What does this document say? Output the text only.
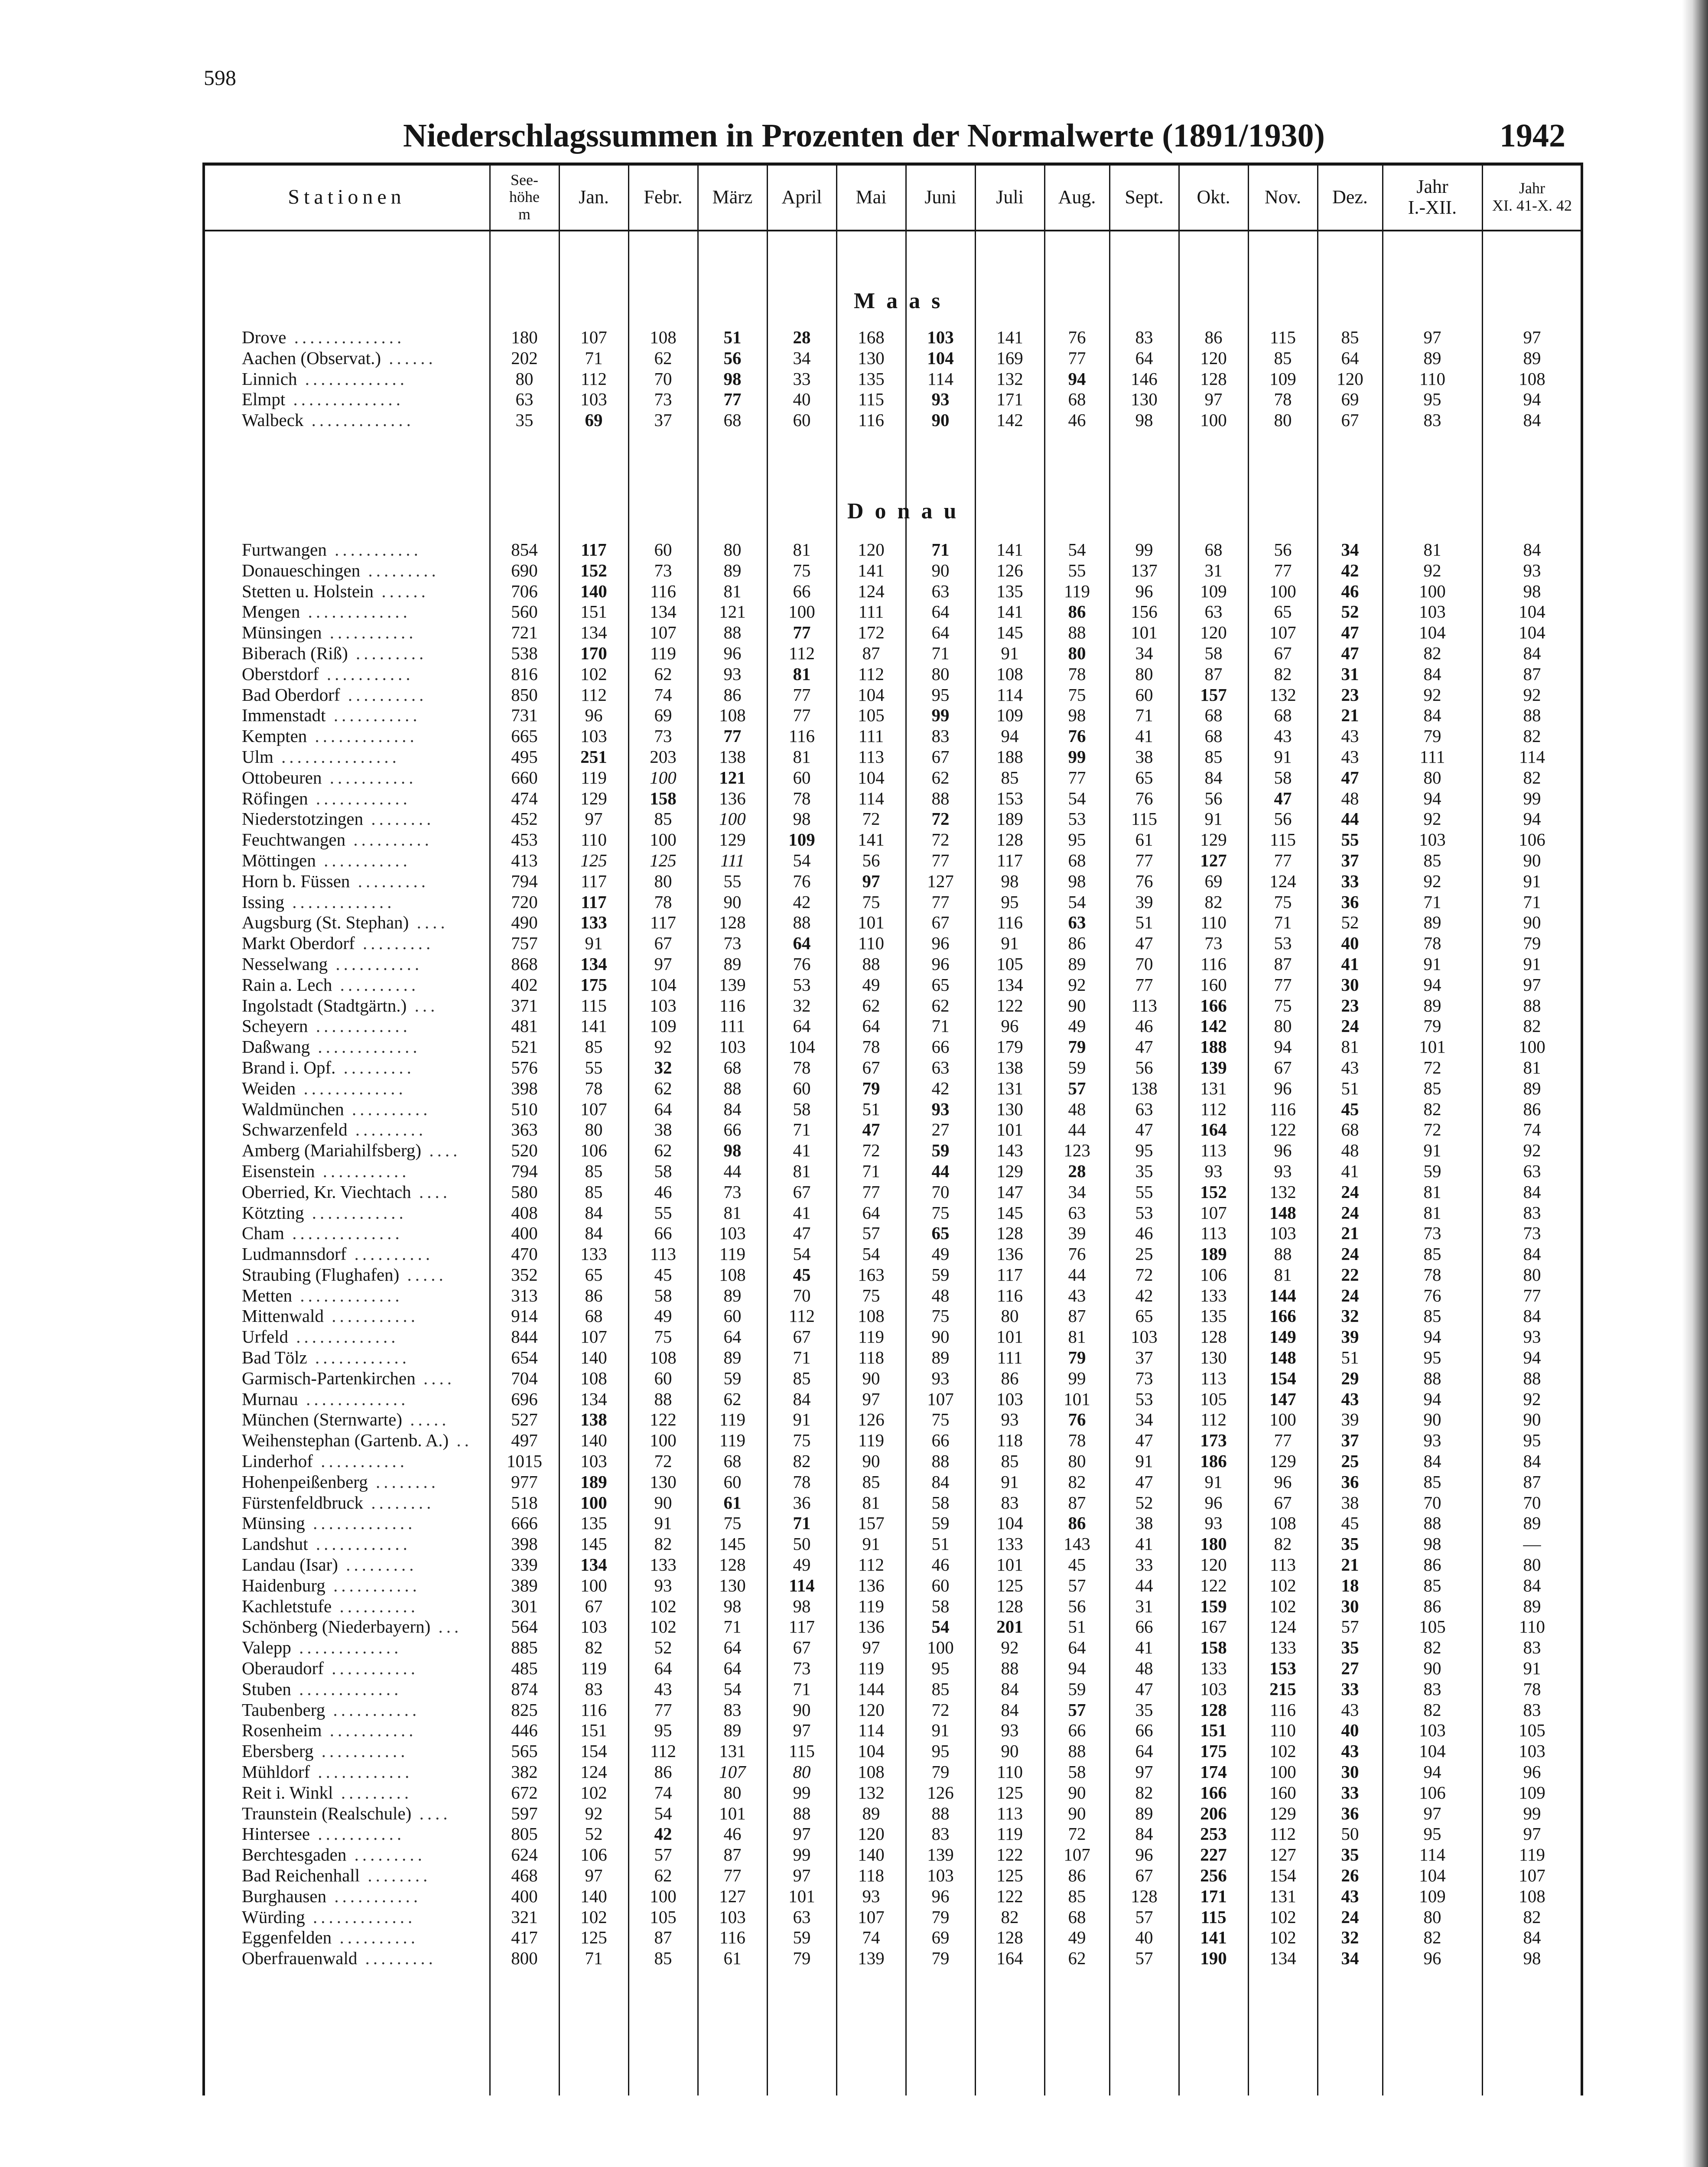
598
Niederschlagssummen in Prozenten der Normalwerte (1891/1930)	1942
Stationen
See-
höhe
m
Jan.	Febr.	März	April	Mai	Juni	Juli	Aug.	Sept.	Okt.	Nov.	Dez.	Jahr
I.-XII.
Jahr
XI. 41-X. 42
Maas
Drove ..............	180	107	108	51	28	168	103	141	76	83	86	115	85	97	97
Aachen (Observat.) ......	202	71	62	56	34	130	104	169	77	64	120	85	64	89	89
Linnich .............	80	112	70	98	33	135	114	132	94	146	128	109	120	110	108
Elmpt ..............	63	103	73	77	40	115	93	171	68	130	97	78	69	95	94
Walbeck .............	35	69	37	68	60	116	90	142	46	98	100	80	67	83	84
Donau
Furtwangen ...........	854	117	60	80	81	120	71	141	54	99	68	56	34	81	84
Donaueschingen .........	690	152	73	89	75	141	90	126	55	137	31	77	42	92	93
Stetten u. Holstein ......	706	140	116	81	66	124	63	135	119	96	109	100	46	100	98
Mengen .............	560	151	134	121	100	111	64	141	86	156	63	65	52	103	104
Münsingen ...........	721	134	107	88	77	172	64	145	88	101	120	107	47	104	104
Biberach (Riß) .........	538	170	119	96	112	87	71	91	80	34	58	67	47	82	84
Oberstdorf ...........	816	102	62	93	81	112	80	108	78	80	87	82	31	84	87
Bad Oberdorf ..........	850	112	74	86	77	104	95	114	75	60	157	132	23	92	92
Immenstadt ...........	731	96	69	108	77	105	99	109	98	71	68	68	21	84	88
Kempten .............	665	103	73	77	116	111	83	94	76	41	68	43	43	79	82
Ulm ...............	495	251	203	138	81	113	67	188	99	38	85	91	43	111	114
Ottobeuren ...........	660	119	100	121	60	104	62	85	77	65	84	58	47	80	82
Röfingen ............	474	129	158	136	78	114	88	153	54	76	56	47	48	94	99
Niederstotzingen ........	452	97	85	100	98	72	72	189	53	115	91	56	44	92	94
Feuchtwangen ..........	453	110	100	129	109	141	72	128	95	61	129	115	55	103	106
Möttingen ...........	413	125	125	111	54	56	77	117	68	77	127	77	37	85	90
Horn b. Füssen .........	794	117	80	55	76	97	127	98	98	76	69	124	33	92	91
Issing .............	720	117	78	90	42	75	77	95	54	39	82	75	36	71	71
Augsburg (St. Stephan) ....	490	133	117	128	88	101	67	116	63	51	110	71	52	89	90
Markt Oberdorf .........	757	91	67	73	64	110	96	91	86	47	73	53	40	78	79
Nesselwang ...........	868	134	97	89	76	88	96	105	89	70	116	87	41	91	91
Rain a. Lech ..........	402	175	104	139	53	49	65	134	92	77	160	77	30	94	97
Ingolstadt (Stadtgärtn.) ...	371	115	103	116	32	62	62	122	90	113	166	75	23	89	88
Scheyern ............	481	141	109	111	64	64	71	96	49	46	142	80	24	79	82
Daßwang .............	521	85	92	103	104	78	66	179	79	47	188	94	81	101	100
Brand i. Opf. .........	576	55	32	68	78	67	63	138	59	56	139	67	43	72	81
Weiden .............	398	78	62	88	60	79	42	131	57	138	131	96	51	85	89
Waldmünchen ..........	510	107	64	84	58	51	93	130	48	63	112	116	45	82	86
Schwarzenfeld .........	363	80	38	66	71	47	27	101	44	47	164	122	68	72	74
Amberg (Mariahilfsberg) ....	520	106	62	98	41	72	59	143	123	95	113	96	48	91	92
Eisenstein ...........	794	85	58	44	81	71	44	129	28	35	93	93	41	59	63
Oberried, Kr. Viechtach ....	580	85	46	73	67	77	70	147	34	55	152	132	24	81	84
Kötzting ............	408	84	55	81	41	64	75	145	63	53	107	148	24	81	83
Cham ..............	400	84	66	103	47	57	65	128	39	46	113	103	21	73	73
Ludmannsdorf ..........	470	133	113	119	54	54	49	136	76	25	189	88	24	85	84
Straubing (Flughafen) .....	352	65	45	108	45	163	59	117	44	72	106	81	22	78	80
Metten .............	313	86	58	89	70	75	48	116	43	42	133	144	24	76	77
Mittenwald ...........	914	68	49	60	112	108	75	80	87	65	135	166	32	85	84
Urfeld .............	844	107	75	64	67	119	90	101	81	103	128	149	39	94	93
Bad Tölz ............	654	140	108	89	71	118	89	111	79	37	130	148	51	95	94
Garmisch-Partenkirchen ....	704	108	60	59	85	90	93	86	99	73	113	154	29	88	88
Murnau .............	696	134	88	62	84	97	107	103	101	53	105	147	43	94	92
München (Sternwarte) .....	527	138	122	119	91	126	75	93	76	34	112	100	39	90	90
Weihenstephan (Gartenb. A.) ..	497	140	100	119	75	119	66	118	78	47	173	77	37	93	95
Linderhof ...........	1015	103	72	68	82	90	88	85	80	91	186	129	25	84	84
Hohenpeißenberg ........	977	189	130	60	78	85	84	91	82	47	91	96	36	85	87
Fürstenfeldbruck ........	518	100	90	61	36	81	58	83	87	52	96	67	38	70	70
Münsing .............	666	135	91	75	71	157	59	104	86	38	93	108	45	88	89
Landshut ............	398	145	82	145	50	91	51	133	143	41	180	82	35	98	—
Landau (Isar) .........	339	134	133	128	49	112	46	101	45	33	120	113	21	86	80
Haidenburg ...........	389	100	93	130	114	136	60	125	57	44	122	102	18	85	84
Kachletstufe ..........	301	67	102	98	98	119	58	128	56	31	159	102	30	86	89
Schönberg (Niederbayern) ...	564	103	102	71	117	136	54	201	51	66	167	124	57	105	110
Valepp .............	885	82	52	64	67	97	100	92	64	41	158	133	35	82	83
Oberaudorf ...........	485	119	64	64	73	119	95	88	94	48	133	153	27	90	91
Stuben .............	874	83	43	54	71	144	85	84	59	47	103	215	33	83	78
Taubenberg ...........	825	116	77	83	90	120	72	84	57	35	128	116	43	82	83
Rosenheim ...........	446	151	95	89	97	114	91	93	66	66	151	110	40	103	105
Ebersberg ...........	565	154	112	131	115	104	95	90	88	64	175	102	43	104	103
Mühldorf ............	382	124	86	107	80	108	79	110	58	97	174	100	30	94	96
Reit i. Winkl .........	672	102	74	80	99	132	126	125	90	82	166	160	33	106	109
Traunstein (Realschule) ....	597	92	54	101	88	89	88	113	90	89	206	129	36	97	99
Hintersee ...........	805	52	42	46	97	120	83	119	72	84	253	112	50	95	97
Berchtesgaden .........	624	106	57	87	99	140	139	122	107	96	227	127	35	114	119
Bad Reichenhall ........	468	97	62	77	97	118	103	125	86	67	256	154	26	104	107
Burghausen ...........	400	140	100	127	101	93	96	122	85	128	171	131	43	109	108
Würding .............	321	102	105	103	63	107	79	82	68	57	115	102	24	80	82
Eggenfelden ..........	417	125	87	116	59	74	69	128	49	40	141	102	32	82	84
Oberfrauenwald .........	800	71	85	61	79	139	79	164	62	57	190	134	34	96	98
